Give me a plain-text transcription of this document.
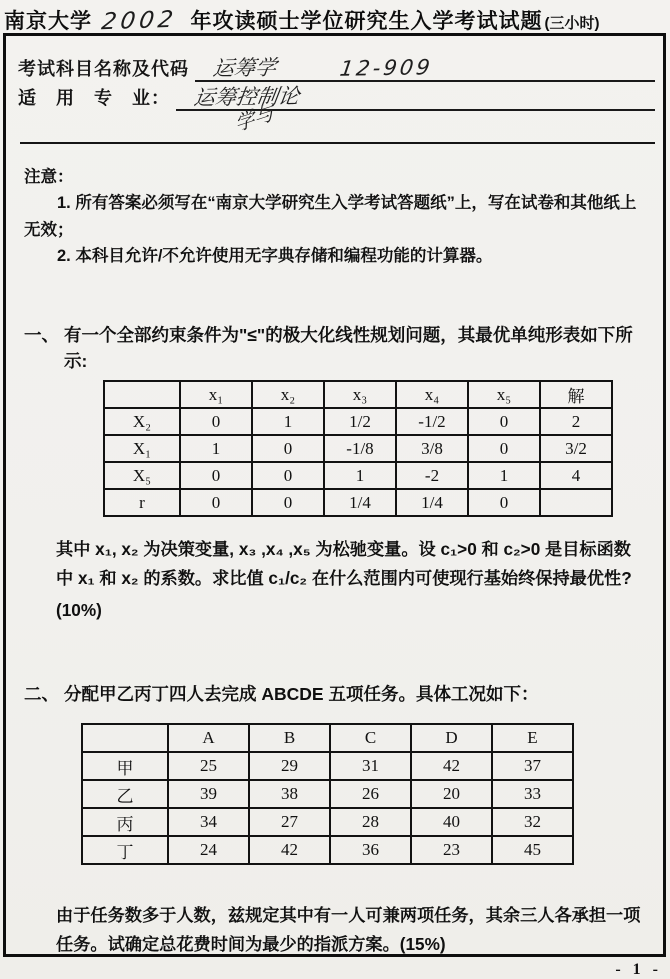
南京大学 2002 年攻读硕士学位研究生入学考试试题 (三小时)
学与
考试科目名称及代码 运筹学	12-909
适　用　专　业： 运筹控制论

注意：

1. 所有答案必须写在“南京大学研究生入学考试答题纸”上，写在试卷和其他纸上无效；

2. 本科目允许/不允许使用无字典存储和编程功能的计算器。

一、 有一个全部约束条件为"≤"的极大化线性规划问题，其最优单纯形表如下所示:
	x₁	x₂	x₃	x₄	x₅	解
X₂	0	1	1/2	-1/2	0	2
X₁	1	0	-1/8	3/8	0	3/2
X₅	0	0	1	-2	1	4
r	0	0	1/4	1/4	0	
其中 x₁, x₂ 为决策变量, x₃ ,x₄ ,x₅ 为松驰变量。设 c₁>0 和 c₂>0 是目标函数中 x₁ 和 x₂ 的系数。求比值 c₁/c₂ 在什么范围内可使现行基始终保持最优性?
(10%)
二、 分配甲乙丙丁四人去完成 ABCDE 五项任务。具体工况如下：
	A	B	C	D	E
甲	25	29	31	42	37
乙	39	38	26	20	33
丙	34	27	28	40	32
丁	24	42	36	23	45
由于任务数多于人数，兹规定其中有一人可兼两项任务，其余三人各承担一项任务。试确定总花费时间为最少的指派方案。(15%)
- 1 -
